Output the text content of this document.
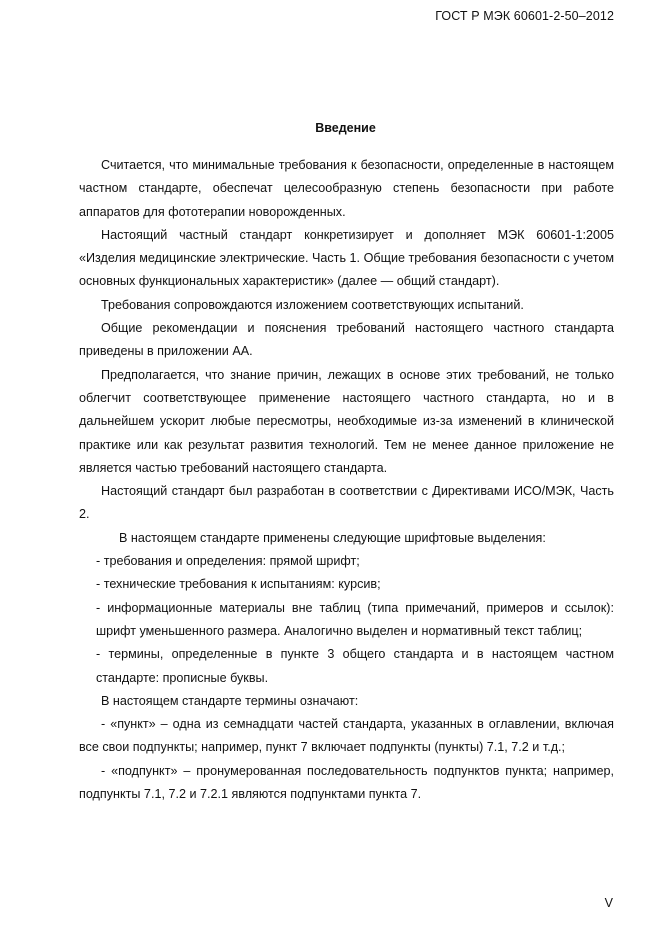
ГОСТ Р МЭК 60601-2-50–2012
Введение
Считается, что минимальные требования к безопасности, определенные в настоящем частном стандарте, обеспечат целесообразную степень безопасности при работе аппаратов для фототерапии новорожденных.
Настоящий частный стандарт конкретизирует и дополняет МЭК 60601-1:2005 «Изделия медицинские электрические. Часть 1. Общие требования безопасности с учетом основных функциональных характеристик» (далее — общий стандарт).
Требования сопровождаются изложением соответствующих испытаний.
Общие рекомендации и пояснения требований настоящего частного стандарта приведены в приложении АА.
Предполагается, что знание причин, лежащих в основе этих требований, не только облегчит соответствующее применение настоящего частного стандарта, но и в дальнейшем ускорит любые пересмотры, необходимые из-за изменений в клинической практике или как результат развития технологий. Тем не менее данное приложение не является частью требований настоящего стандарта.
Настоящий стандарт был разработан в соответствии с Директивами ИСО/МЭК, Часть 2.
В настоящем стандарте применены следующие шрифтовые выделения:
- требования и определения: прямой шрифт;
- технические требования к испытаниям: курсив;
- информационные материалы вне таблиц (типа примечаний, примеров и ссылок): шрифт уменьшенного размера. Аналогично выделен и нормативный текст таблиц;
- термины, определенные в пункте 3 общего стандарта и в настоящем частном стандарте: прописные буквы.
В настоящем стандарте термины означают:
- «пункт» – одна из семнадцати частей стандарта, указанных в оглавлении, включая все свои подпункты; например, пункт 7 включает подпункты (пункты) 7.1, 7.2 и т.д.;
- «подпункт» – пронумерованная последовательность подпунктов пункта; например, подпункты 7.1, 7.2 и 7.2.1 являются подпунктами пункта 7.
V
